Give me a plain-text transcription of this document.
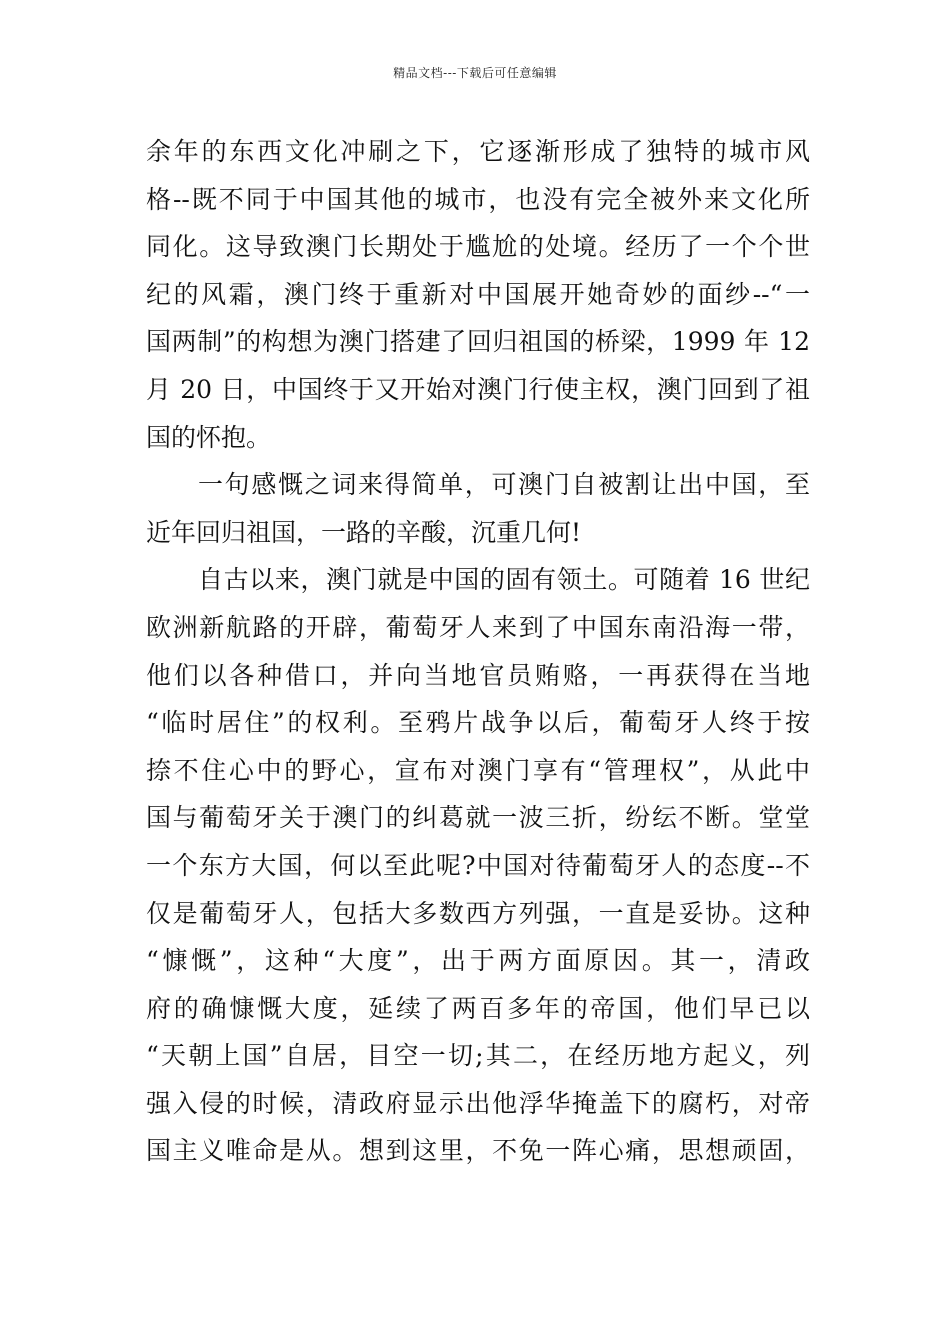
精品文档---下载后可任意编辑
余年的东西文化冲刷之下，它逐渐形成了独特的城市风
格--既不同于中国其他的城市，也没有完全被外来文化所
同化。这导致澳门长期处于尴尬的处境。经历了一个个世
纪的风霜，澳门终于重新对中国展开她奇妙的面纱--“一
国两制”的构想为澳门搭建了回归祖国的桥梁，1999 年 12
月 20 日，中国终于又开始对澳门行使主权，澳门回到了祖
国的怀抱。
一句感慨之词来得简单，可澳门自被割让出中国，至
近年回归祖国，一路的辛酸，沉重几何!
自古以来，澳门就是中国的固有领土。可随着 16 世纪
欧洲新航路的开辟，葡萄牙人来到了中国东南沿海一带，
他们以各种借口，并向当地官员贿赂，一再获得在当地
“临时居住”的权利。至鸦片战争以后，葡萄牙人终于按
捺不住心中的野心，宣布对澳门享有“管理权”，从此中
国与葡萄牙关于澳门的纠葛就一波三折，纷纭不断。堂堂
一个东方大国，何以至此呢?中国对待葡萄牙人的态度--不
仅是葡萄牙人，包括大多数西方列强，一直是妥协。这种
“慷慨”，这种“大度”，出于两方面原因。其一，清政
府的确慷慨大度，延续了两百多年的帝国，他们早已以
“天朝上国”自居，目空一切;其二，在经历地方起义，列
强入侵的时候，清政府显示出他浮华掩盖下的腐朽，对帝
国主义唯命是从。想到这里，不免一阵心痛，思想顽固，
